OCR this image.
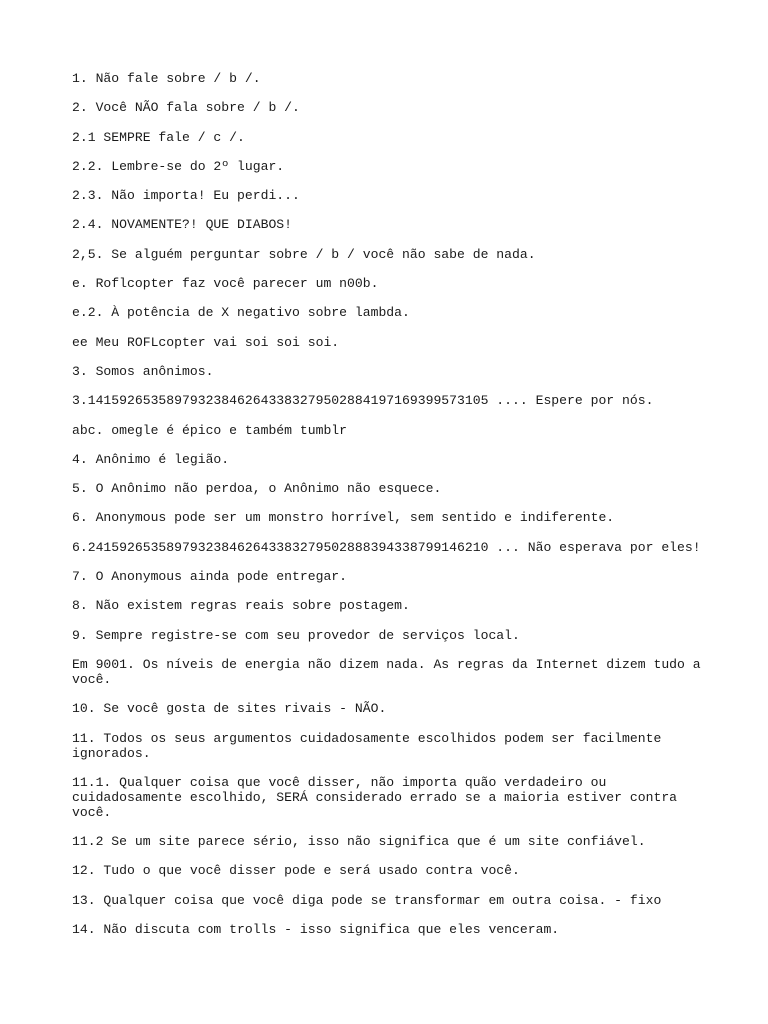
1. Não fale sobre / b /.

2. Você NÃO fala sobre / b /.

2.1 SEMPRE fale / c /.

2.2. Lembre-se do 2º lugar.

2.3. Não importa! Eu perdi...

2.4. NOVAMENTE?! QUE DIABOS!

2,5. Se alguém perguntar sobre / b / você não sabe de nada.

e. Roflcopter faz você parecer um n00b.

e.2. À potência de X negativo sobre lambda.

ee Meu ROFLcopter vai soi soi soi.

3. Somos anônimos.

3.14159265358979323846264338327950288419716939957310​5 .... Espere por nós.

abc. omegle é épico e também tumblr

4. Anônimo é legião.

5. O Anônimo não perdoa, o Anônimo não esquece.

6. Anonymous pode ser um monstro horrível, sem sentido e indiferente.

6.24159265358979323846264338327950288839433879914621​0 ... Não esperava por eles!

7. O Anonymous ainda pode entregar.

8. Não existem regras reais sobre postagem.

9. Sempre registre-se com seu provedor de serviços local.

Em 9001. Os níveis de energia não dizem nada. As regras da Internet dizem tudo a você.

10. Se você gosta de sites rivais - NÃO.

11. Todos os seus argumentos cuidadosamente escolhidos podem ser facilmente ignorados.

11.1. Qualquer coisa que você disser, não importa quão verdadeiro ou cuidadosamente escolhido, SERÁ considerado errado se a maioria estiver contra você.

11.2 Se um site parece sério, isso não significa que é um site confiável.

12. Tudo o que você disser pode e será usado contra você.

13. Qualquer coisa que você diga pode se transformar em outra coisa. - fixo

14. Não discuta com trolls - isso significa que eles venceram.
